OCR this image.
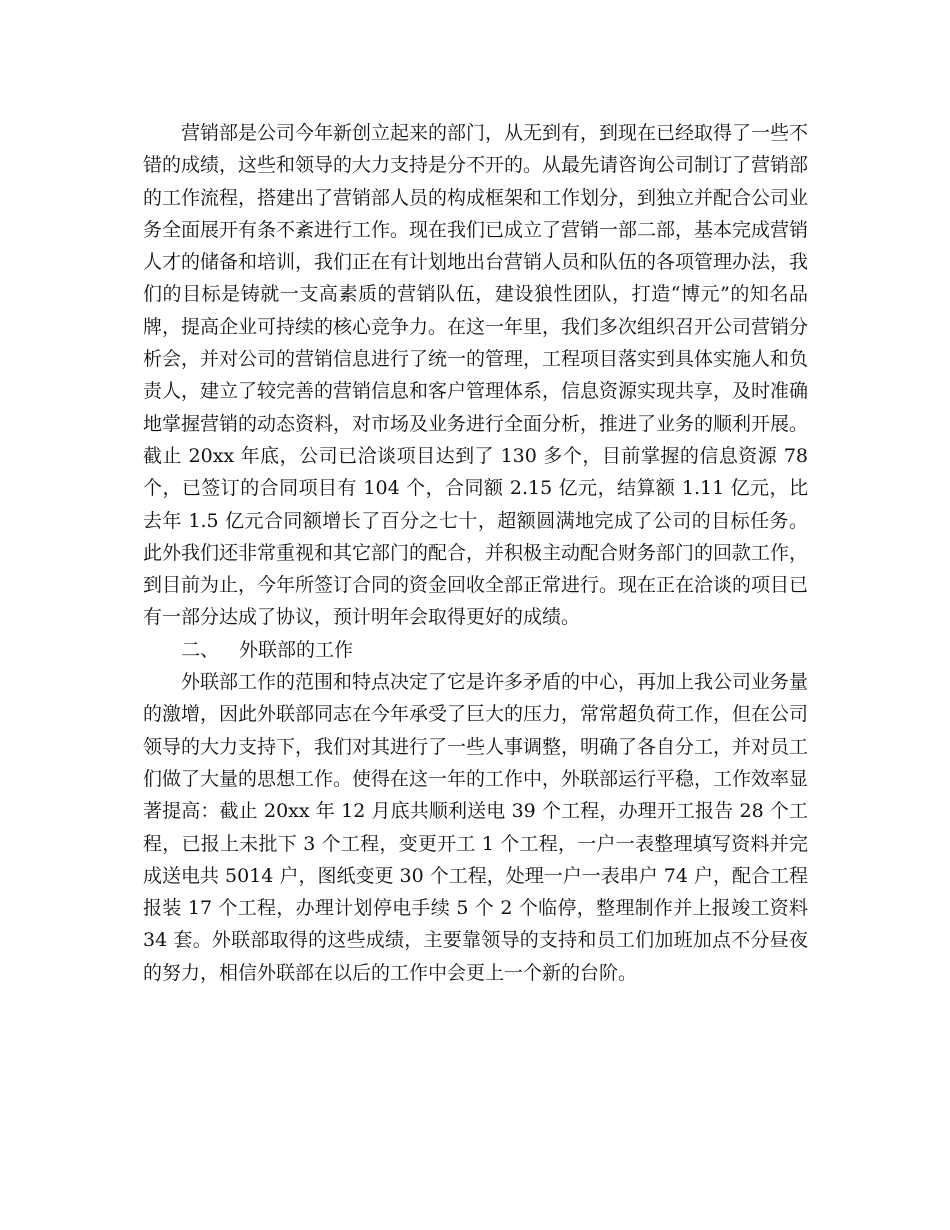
营销部是公司今年新创立起来的部门，从无到有，到现在已经取得了一些不错的成绩，这些和领导的大力支持是分不开的。从最先请咨询公司制订了营销部的工作流程，搭建出了营销部人员的构成框架和工作划分，到独立并配合公司业务全面展开有条不紊进行工作。现在我们已成立了营销一部二部，基本完成营销人才的储备和培训，我们正在有计划地出台营销人员和队伍的各项管理办法，我们的目标是铸就一支高素质的营销队伍，建设狼性团队，打造“博元”的知名品牌，提高企业可持续的核心竞争力。在这一年里，我们多次组织召开公司营销分析会，并对公司的营销信息进行了统一的管理，工程项目落实到具体实施人和负责人，建立了较完善的营销信息和客户管理体系，信息资源实现共享，及时准确地掌握营销的动态资料，对市场及业务进行全面分析，推进了业务的顺利开展。截止 20xx 年底，公司已洽谈项目达到了 130 多个，目前掌握的信息资源 78 个，已签订的合同项目有 104 个，合同额 2.15 亿元，结算额 1.11 亿元，比去年 1.5 亿元合同额增长了百分之七十，超额圆满地完成了公司的目标任务。此外我们还非常重视和其它部门的配合，并积极主动配合财务部门的回款工作，到目前为止，今年所签订合同的资金回收全部正常进行。现在正在洽谈的项目已有一部分达成了协议，预计明年会取得更好的成绩。

二、 外联部的工作

外联部工作的范围和特点决定了它是许多矛盾的中心，再加上我公司业务量的激增，因此外联部同志在今年承受了巨大的压力，常常超负荷工作，但在公司领导的大力支持下，我们对其进行了一些人事调整，明确了各自分工，并对员工们做了大量的思想工作。使得在这一年的工作中，外联部运行平稳，工作效率显著提高：截止 20xx 年 12 月底共顺利送电 39 个工程，办理开工报告 28 个工程，已报上未批下 3 个工程，变更开工 1 个工程，一户一表整理填写资料并完成送电共 5014 户，图纸变更 30 个工程，处理一户一表串户 74 户，配合工程报装 17 个工程，办理计划停电手续 5 个 2 个临停，整理制作并上报竣工资料 34 套。外联部取得的这些成绩，主要靠领导的支持和员工们加班加点不分昼夜的努力，相信外联部在以后的工作中会更上一个新的台阶。
